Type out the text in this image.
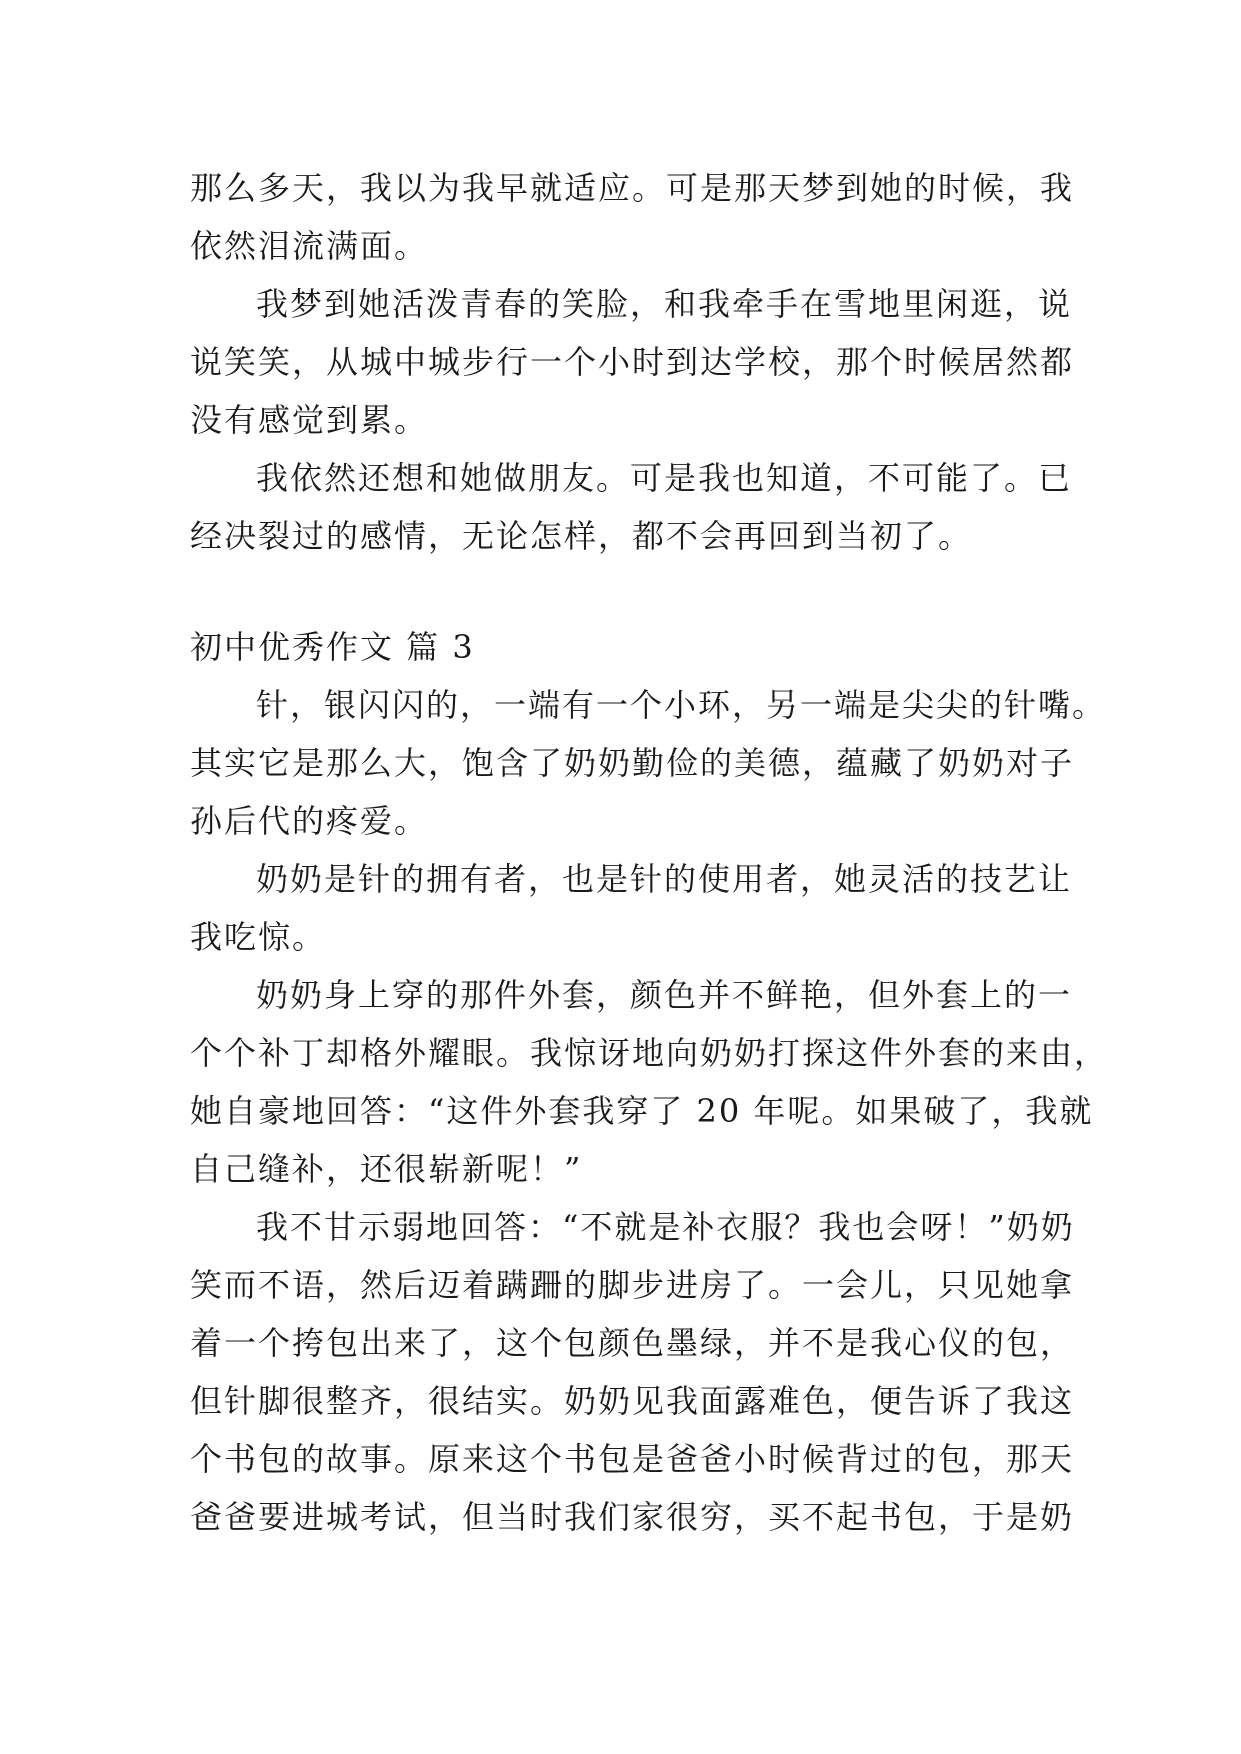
那么多天，我以为我早就适应。可是那天梦到她的时候，我
依然泪流满面。
我梦到她活泼青春的笑脸，和我牵手在雪地里闲逛，说
说笑笑，从城中城步行一个小时到达学校，那个时候居然都
没有感觉到累。
我依然还想和她做朋友。可是我也知道，不可能了。已
经决裂过的感情，无论怎样，都不会再回到当初了。
初中优秀作文 篇 3
针，银闪闪的，一端有一个小环，另一端是尖尖的针嘴。
其实它是那么大，饱含了奶奶勤俭的美德，蕴藏了奶奶对子
孙后代的疼爱。
奶奶是针的拥有者，也是针的使用者，她灵活的技艺让
我吃惊。
奶奶身上穿的那件外套，颜色并不鲜艳，但外套上的一
个个补丁却格外耀眼。我惊讶地向奶奶打探这件外套的来由，
她自豪地回答：“这件外套我穿了 20 年呢。如果破了，我就
自己缝补，还很崭新呢！”
我不甘示弱地回答：“不就是补衣服？我也会呀！”奶奶
笑而不语，然后迈着蹒跚的脚步进房了。一会儿，只见她拿
着一个挎包出来了，这个包颜色墨绿，并不是我心仪的包，
但针脚很整齐，很结实。奶奶见我面露难色，便告诉了我这
个书包的故事。原来这个书包是爸爸小时候背过的包，那天
爸爸要进城考试，但当时我们家很穷，买不起书包，于是奶
